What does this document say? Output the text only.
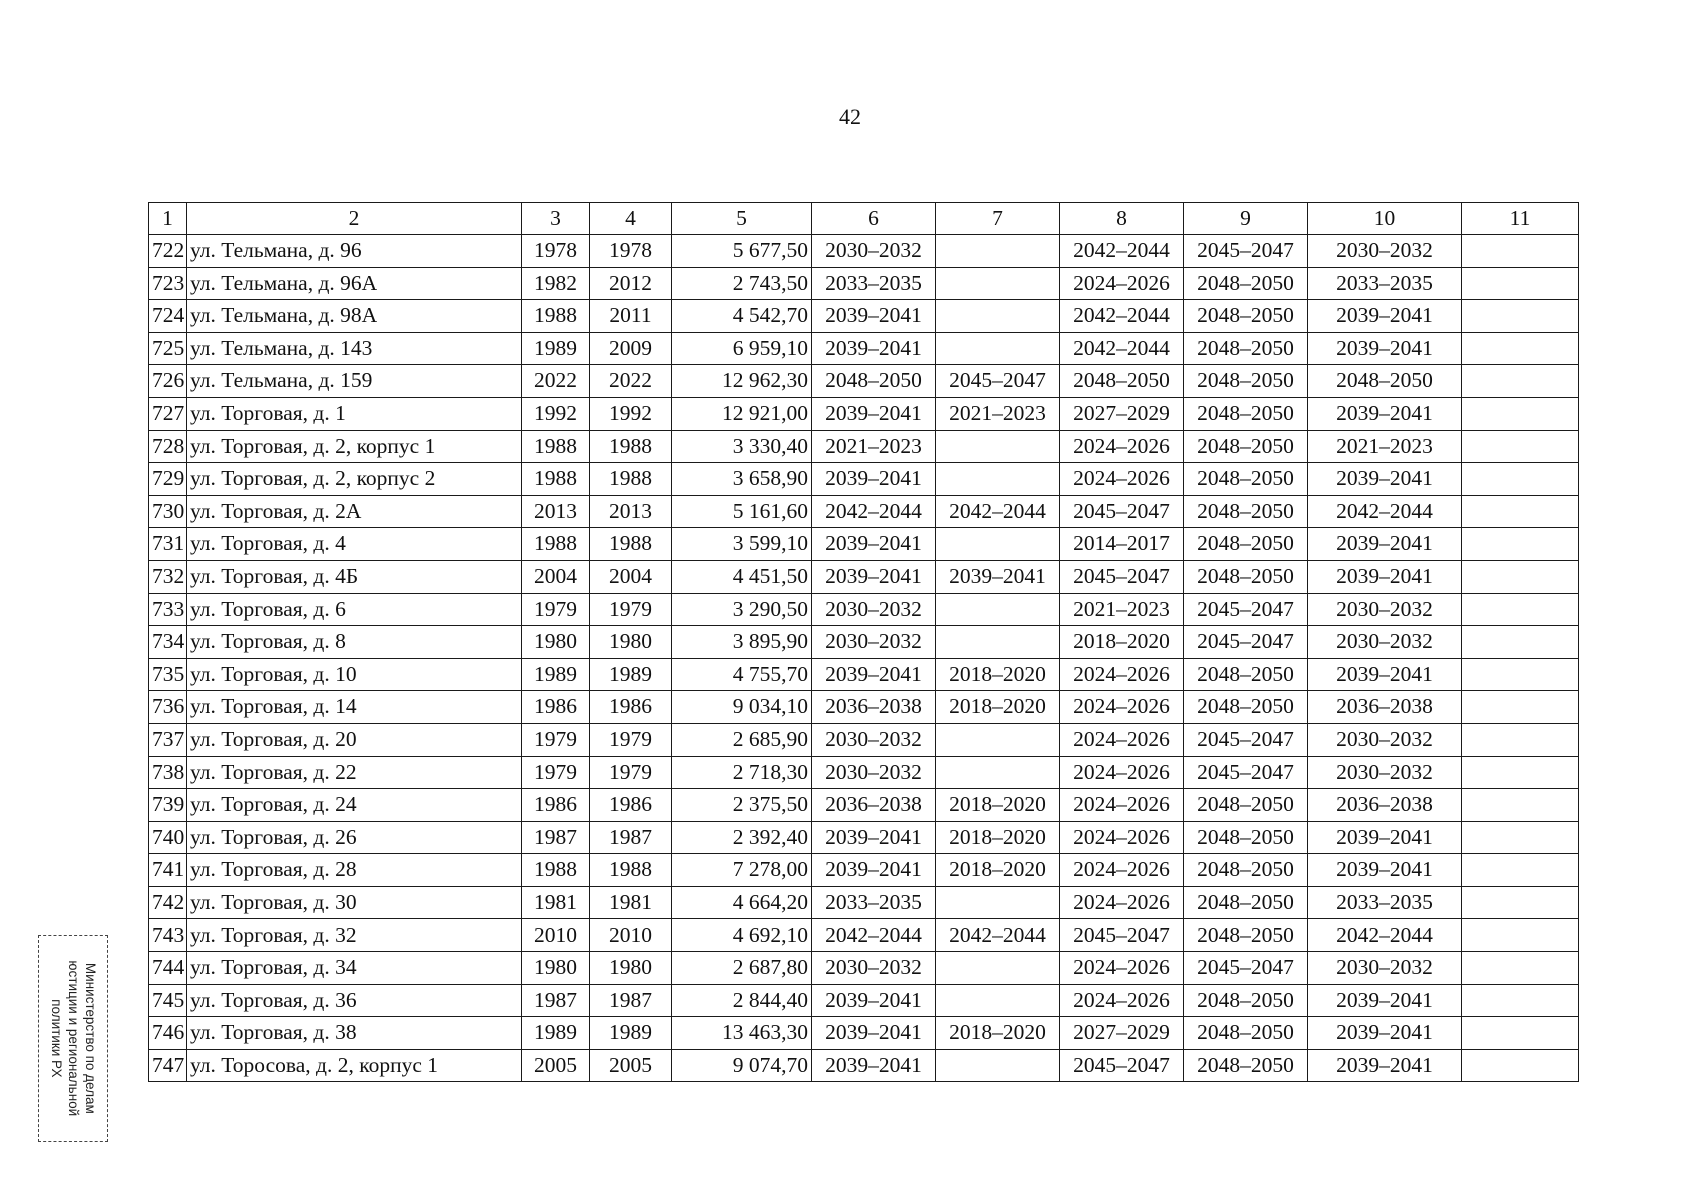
42
1	2	3	4	5	6	7	8	9	10	11
722	ул. Тельмана, д. 96	1978	1978	5 677,50	2030–2032		2042–2044	2045–2047	2030–2032	
723	ул. Тельмана, д. 96А	1982	2012	2 743,50	2033–2035		2024–2026	2048–2050	2033–2035	
724	ул. Тельмана, д. 98А	1988	2011	4 542,70	2039–2041		2042–2044	2048–2050	2039–2041	
725	ул. Тельмана, д. 143	1989	2009	6 959,10	2039–2041		2042–2044	2048–2050	2039–2041	
726	ул. Тельмана, д. 159	2022	2022	12 962,30	2048–2050	2045–2047	2048–2050	2048–2050	2048–2050	
727	ул. Торговая, д. 1	1992	1992	12 921,00	2039–2041	2021–2023	2027–2029	2048–2050	2039–2041	
728	ул. Торговая, д. 2, корпус 1	1988	1988	3 330,40	2021–2023		2024–2026	2048–2050	2021–2023	
729	ул. Торговая, д. 2, корпус 2	1988	1988	3 658,90	2039–2041		2024–2026	2048–2050	2039–2041	
730	ул. Торговая, д. 2А	2013	2013	5 161,60	2042–2044	2042–2044	2045–2047	2048–2050	2042–2044	
731	ул. Торговая, д. 4	1988	1988	3 599,10	2039–2041		2014–2017	2048–2050	2039–2041	
732	ул. Торговая, д. 4Б	2004	2004	4 451,50	2039–2041	2039–2041	2045–2047	2048–2050	2039–2041	
733	ул. Торговая, д. 6	1979	1979	3 290,50	2030–2032		2021–2023	2045–2047	2030–2032	
734	ул. Торговая, д. 8	1980	1980	3 895,90	2030–2032		2018–2020	2045–2047	2030–2032	
735	ул. Торговая, д. 10	1989	1989	4 755,70	2039–2041	2018–2020	2024–2026	2048–2050	2039–2041	
736	ул. Торговая, д. 14	1986	1986	9 034,10	2036–2038	2018–2020	2024–2026	2048–2050	2036–2038	
737	ул. Торговая, д. 20	1979	1979	2 685,90	2030–2032		2024–2026	2045–2047	2030–2032	
738	ул. Торговая, д. 22	1979	1979	2 718,30	2030–2032		2024–2026	2045–2047	2030–2032	
739	ул. Торговая, д. 24	1986	1986	2 375,50	2036–2038	2018–2020	2024–2026	2048–2050	2036–2038	
740	ул. Торговая, д. 26	1987	1987	2 392,40	2039–2041	2018–2020	2024–2026	2048–2050	2039–2041	
741	ул. Торговая, д. 28	1988	1988	7 278,00	2039–2041	2018–2020	2024–2026	2048–2050	2039–2041	
742	ул. Торговая, д. 30	1981	1981	4 664,20	2033–2035		2024–2026	2048–2050	2033–2035	
743	ул. Торговая, д. 32	2010	2010	4 692,10	2042–2044	2042–2044	2045–2047	2048–2050	2042–2044	
744	ул. Торговая, д. 34	1980	1980	2 687,80	2030–2032		2024–2026	2045–2047	2030–2032	
745	ул. Торговая, д. 36	1987	1987	2 844,40	2039–2041		2024–2026	2048–2050	2039–2041	
746	ул. Торговая, д. 38	1989	1989	13 463,30	2039–2041	2018–2020	2027–2029	2048–2050	2039–2041	
747	ул. Торосова, д. 2, корпус 1	2005	2005	9 074,70	2039–2041		2045–2047	2048–2050	2039–2041	
Министерство по делам
юстиции и региональной
политики РХ
